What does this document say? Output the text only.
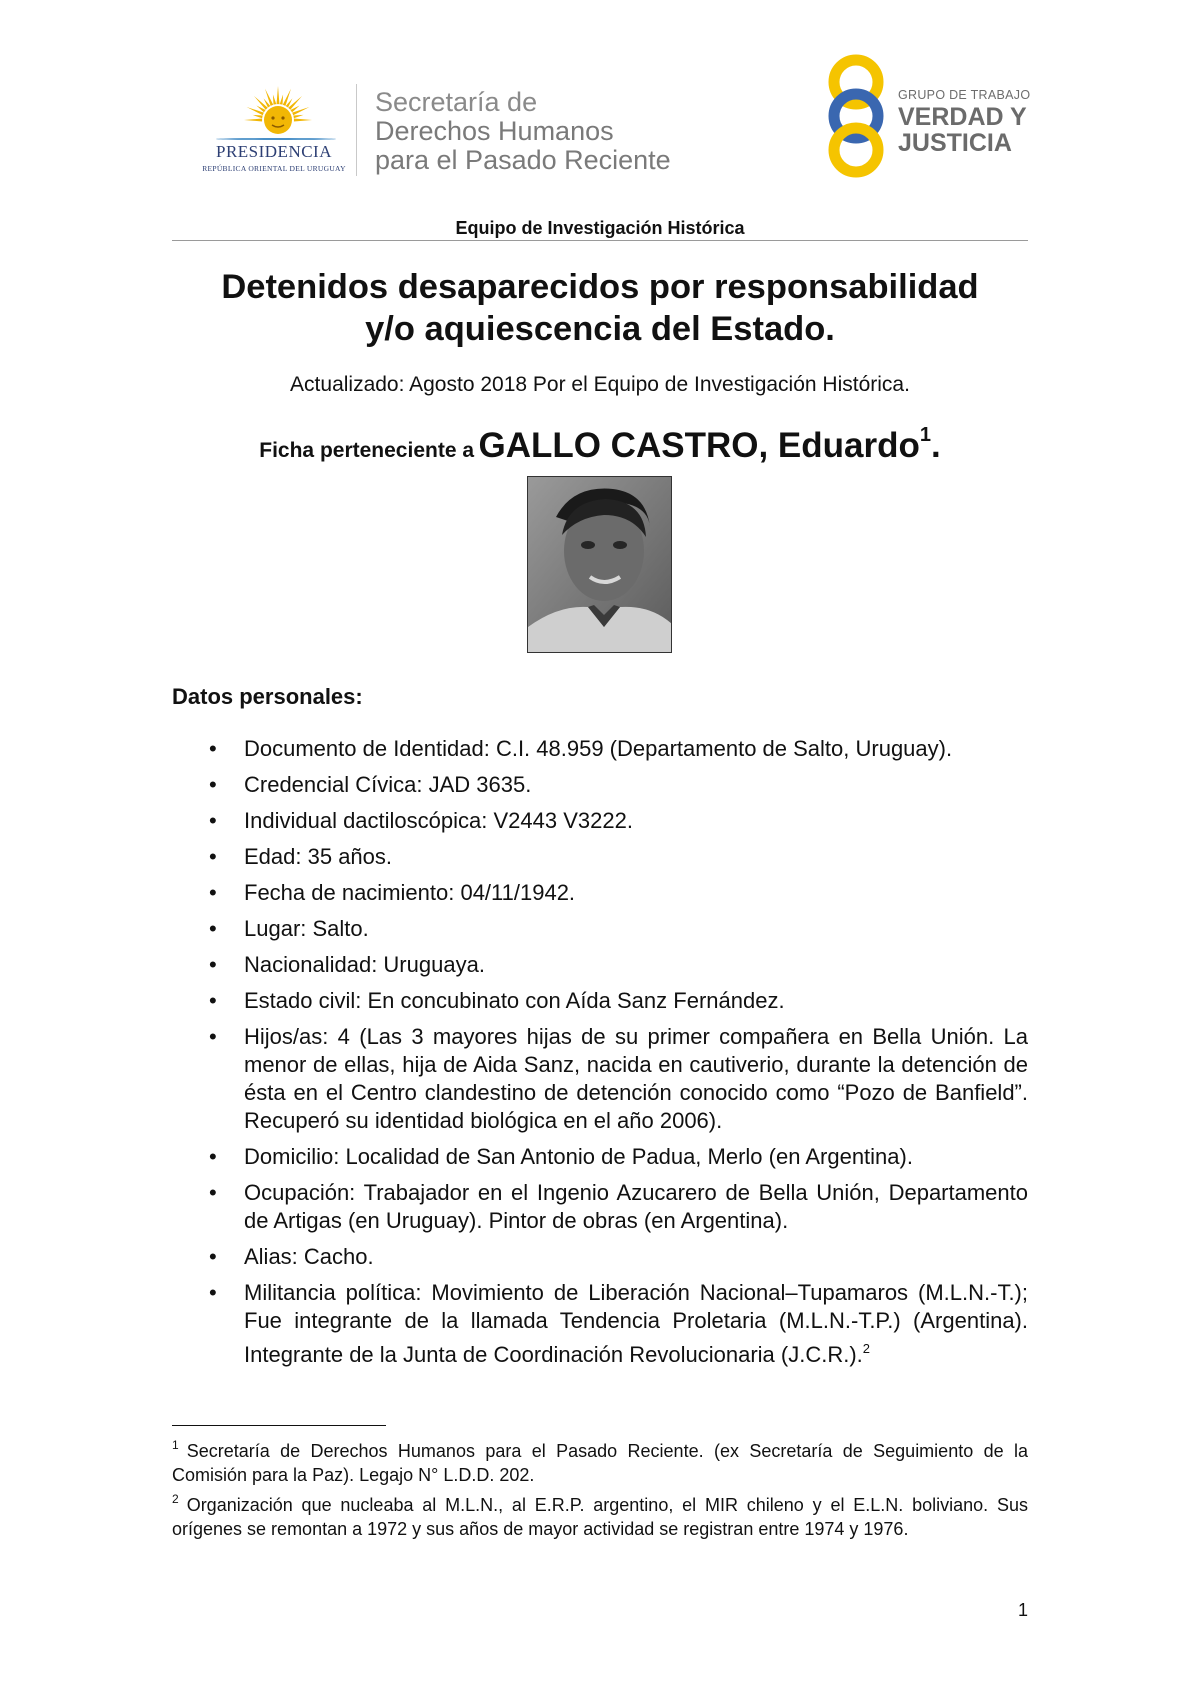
PRESIDENCIA
REPÚBLICA ORIENTAL DEL URUGUAY
Secretaría de
Derechos Humanos
para el Pasado Reciente
GRUPO DE TRABAJO
VERDAD Y
JUSTICIA
Equipo de Investigación Histórica
Detenidos desaparecidos por responsabilidad
y/o aquiescencia del Estado.
Actualizado: Agosto 2018 Por el Equipo de Investigación Histórica.
Ficha perteneciente a GALLO CASTRO, Eduardo$^1$.
Datos personales:
• Documento de Identidad: C.I. 48.959 (Departamento de Salto, Uruguay).
• Credencial Cívica: JAD 3635.
• Individual dactiloscópica: V2443 V3222.
• Edad: 35 años.
• Fecha de nacimiento: 04/11/1942.
• Lugar: Salto.
• Nacionalidad: Uruguaya.
• Estado civil: En concubinato con Aída Sanz Fernández.
• Hijos/as: 4 (Las 3 mayores hijas de su primer compañera en Bella Unión. La menor de ellas, hija de Aida Sanz, nacida en cautiverio, durante la detención de ésta en el Centro clandestino de detención conocido como “Pozo de Banfield”. Recuperó su identidad biológica en el año 2006).
• Domicilio: Localidad de San Antonio de Padua, Merlo (en Argentina).
• Ocupación: Trabajador en el Ingenio Azucarero de Bella Unión, Departamento de Artigas (en Uruguay). Pintor de obras (en Argentina).
• Alias: Cacho.
• Militancia política: Movimiento de Liberación Nacional–Tupamaros (M.L.N.-T.); Fue integrante de la llamada Tendencia Proletaria (M.L.N.-T.P.) (Argentina). Integrante de la Junta de Coordinación Revolucionaria (J.C.R.).$^2$

$^1$ Secretaría de Derechos Humanos para el Pasado Reciente. (ex Secretaría de Seguimiento de la Comisión para la Paz). Legajo N° L.D.D. 202.

$^2$ Organización que nucleaba al M.L.N., al E.R.P. argentino, el MIR chileno y el E.L.N. boliviano. Sus orígenes se remontan a 1972 y sus años de mayor actividad se registran entre 1974 y 1976.

1
